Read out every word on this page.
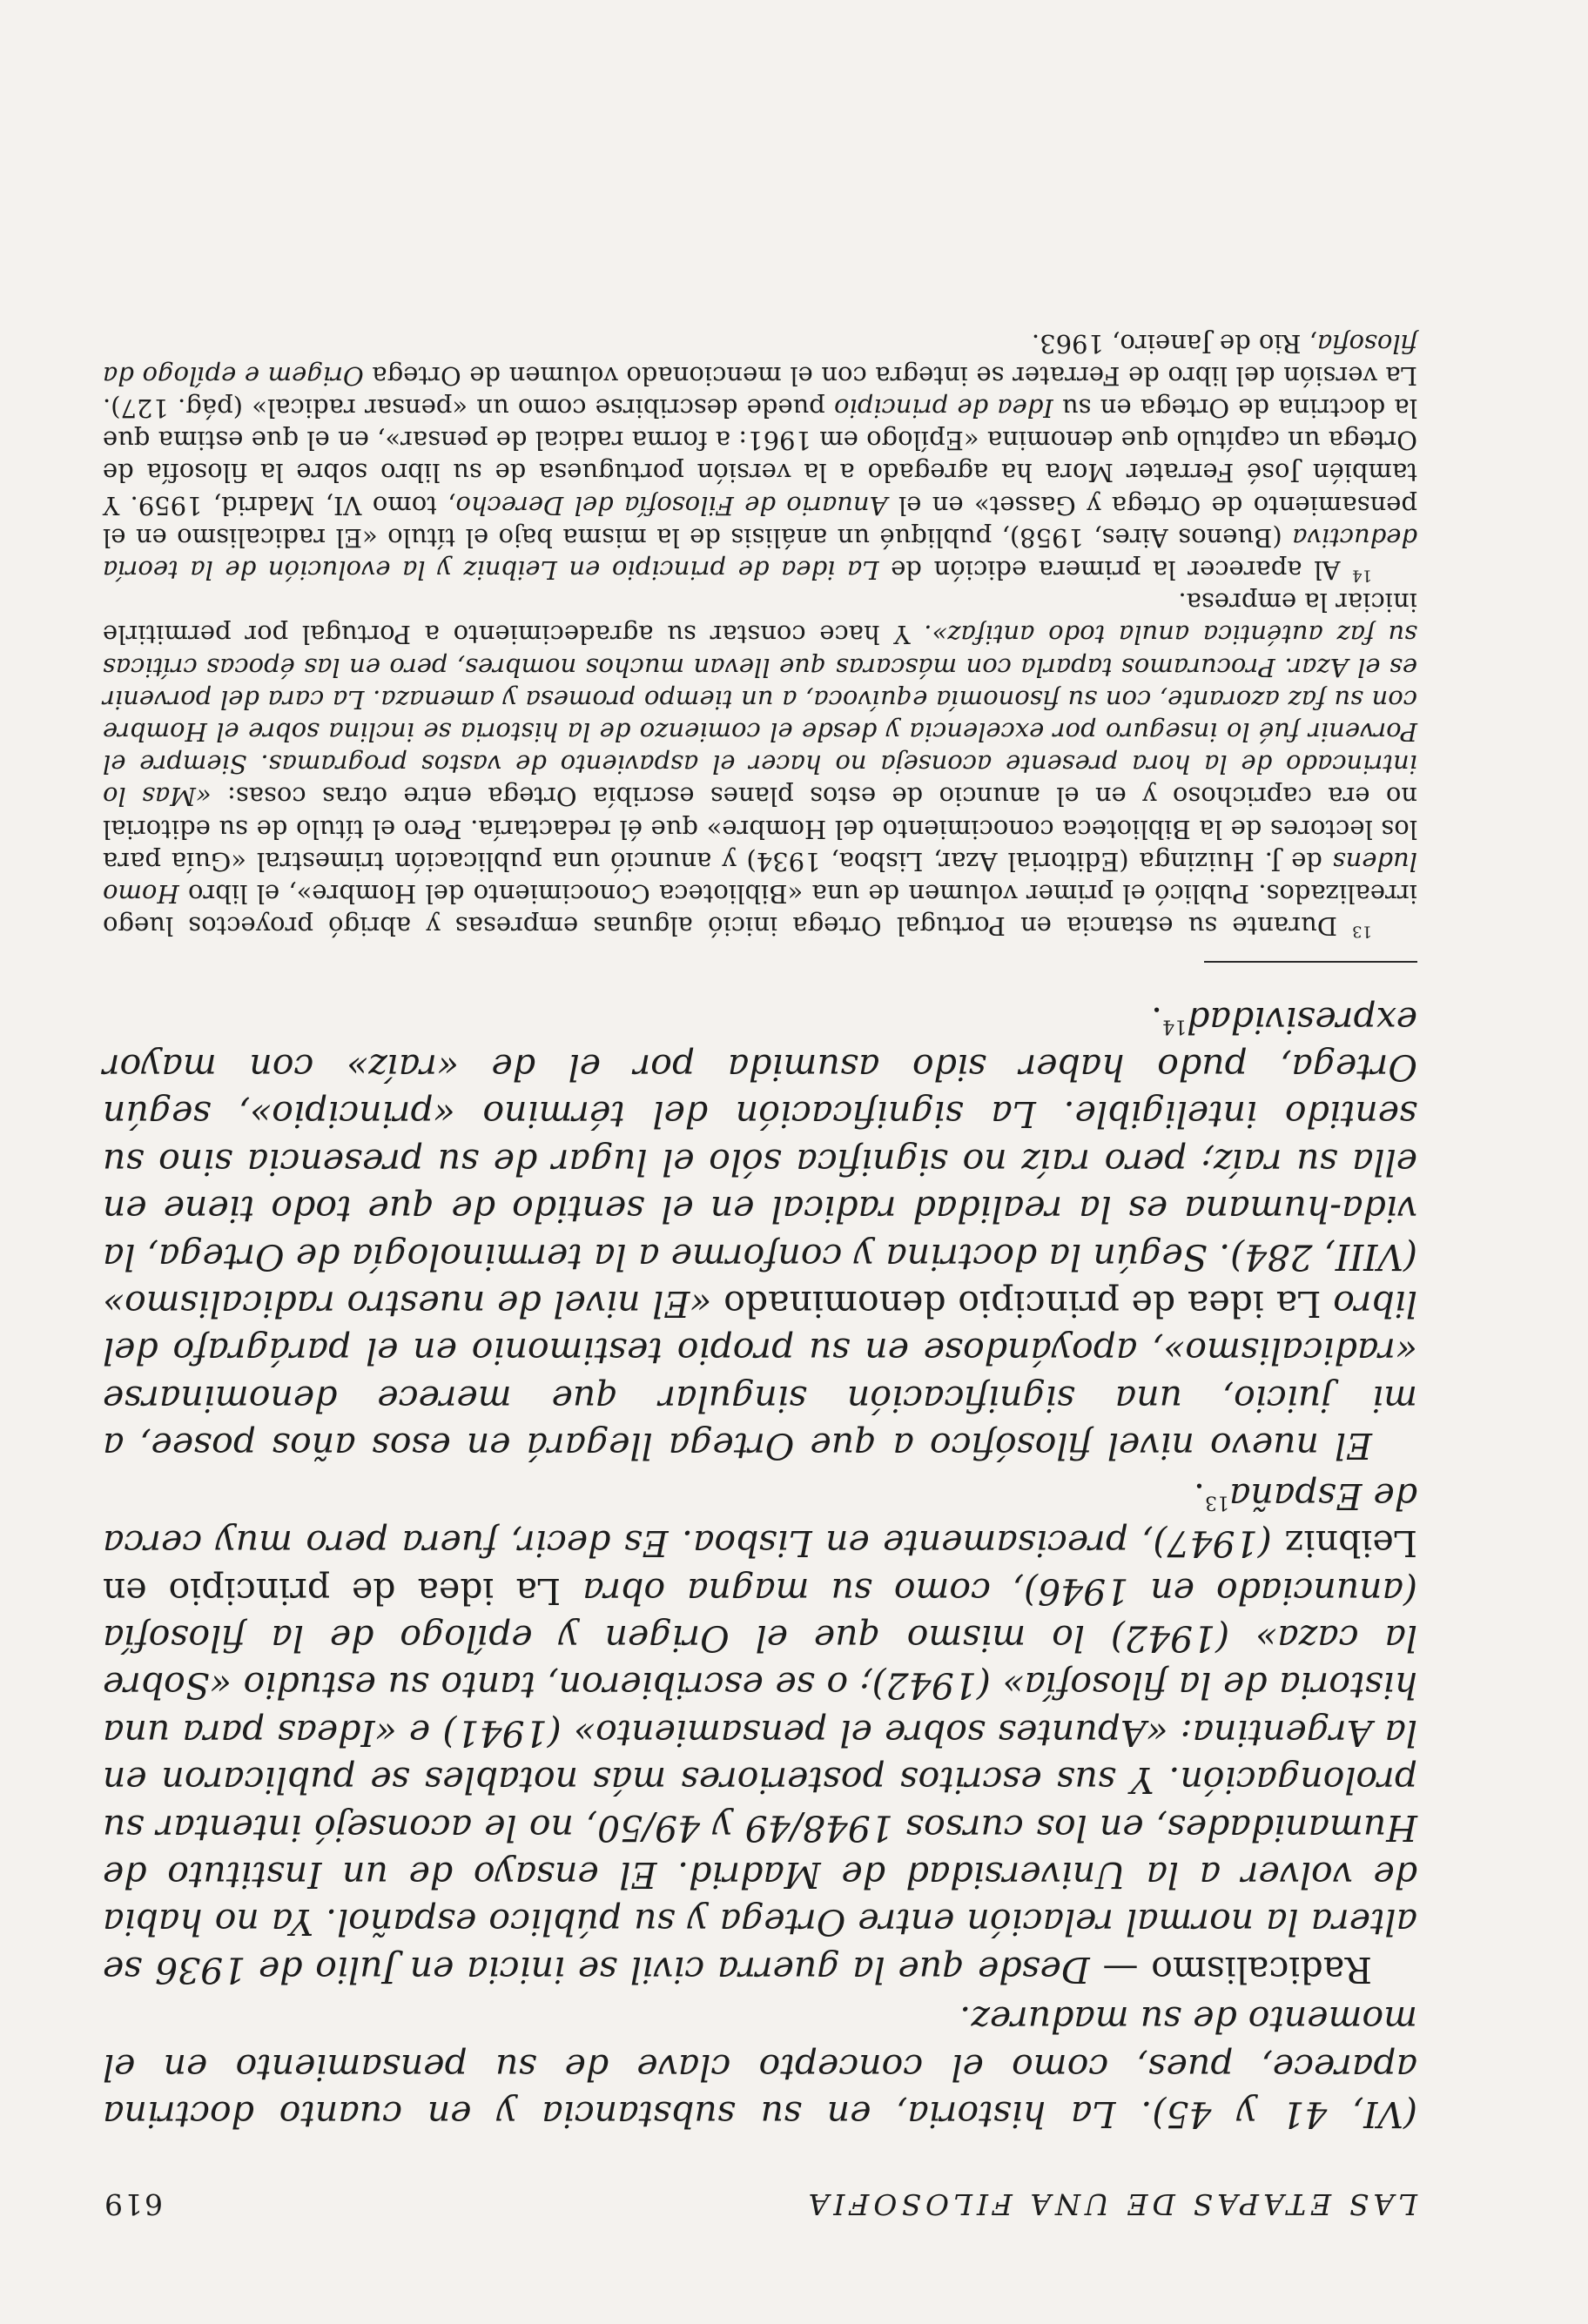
LAS ETAPAS DE UNA FILOSOFIA
619

(VI, 41 y 45). La historia, en su substancia y en cuanto doctrina aparece, pues, como el concepto clave de su pensamiento en el momento de su madurez.

Radicalismo — Desde que la guerra civil se inicia en Julio de 1936 se altera la normal relación entre Ortega y su público español. Ya no habia de volver a la Universidad de Madrid. El ensayo de un Instituto de Humanidades, en los cursos 1948/49 y 49/50, no le aconsejó intentar su prolongación. Y sus escritos posteriores más notables se publicaron en la Argentina: «Apuntes sobre el pensamiento» (1941) e «Ideas para una historia de la filosofía» (1942); o se escribieron, tanto su estudio «Sobre la caza» (1942) lo mismo que el Origen y epílogo de la filosofía (anunciado en 1946), como su magna obra La idea de principio en Leibniz (1947), precisamente en Lisboa. Es decir, fuera pero muy cerca de España$^{13}$.

El nuevo nivel filosófico a que Ortega llegará en esos años posee, a mi juicio, una significación singular que merece denominarse «radicalismo», apoyándose en su propio testimonio en el parágrafo del libro La idea de principio denominado «El nivel de nuestro radicalismo» (VIII, 284). Según la doctrina y conforme a la terminología de Ortega, la vida-humana es la realidad radical en el sentido de que todo tiene en ella su raíz; pero raíz no significa sólo el lugar de su presencia sino su sentido inteligible. La significación del término «principio», según Ortega, pudo haber sido asumida por el de «raíz» con mayor expresividad$^{14}$.

$^{13}$ Durante su estancia en Portugal Ortega inició algunas empresas y abrigó proyectos luego irrealizados. Publicó el primer volumen de una «Biblioteca Conocimiento del Hombre», el libro Homo ludens de J. Huizinga (Editorial Azar, Lisboa, 1934) y anunció una publicación trimestral «Guía para los lectores de la Biblioteca conocimiento del Hombre» que él redactaría. Pero el título de su editorial no era caprichoso y en el anuncio de estos planes escribía Ortega entre otras cosas: «Mas lo intrincado de la hora presente aconseja no hacer el aspaviento de vastos programas. Siempre el Porvenir fué lo inseguro por excelencia y desde el comienzo de la historia se inclina sobre el Hombre con su faz azorante, con su fisonomía equívoca, a un tiempo promesa y amenaza. La cara del porvenir es el Azar. Procuramos taparla con máscaras que llevan muchos nombres, pero en las épocas críticas su faz auténtica anula todo antifaz». Y hace constar su agradecimiento a Portugal por permitirle iniciar la empresa.

$^{14}$ Al aparecer la primera edición de La idea de principio en Leibniz y la evolución de la teoría deductiva (Buenos Aires, 1958), publiqué un análisis de la misma bajo el título «El radicalismo en el pensamiento de Ortega y Gasset» en el Anuario de Filosofía del Derecho, tomo VI, Madrid, 1959. Y también José Ferrater Mora ha agregado a la versión portuguesa de su libro sobre la filosofía de Ortega un capítulo que denomina «Epílogo em 1961: a forma radical de pensar», en el que estima que la doctrina de Ortega en su Idea de principio puede describirse como un «pensar radical» (pág. 127). La versión del libro de Ferrater se integra con el mencionado volumen de Ortega Origem e epílogo da filosofia, Rio de Janeiro, 1963.
